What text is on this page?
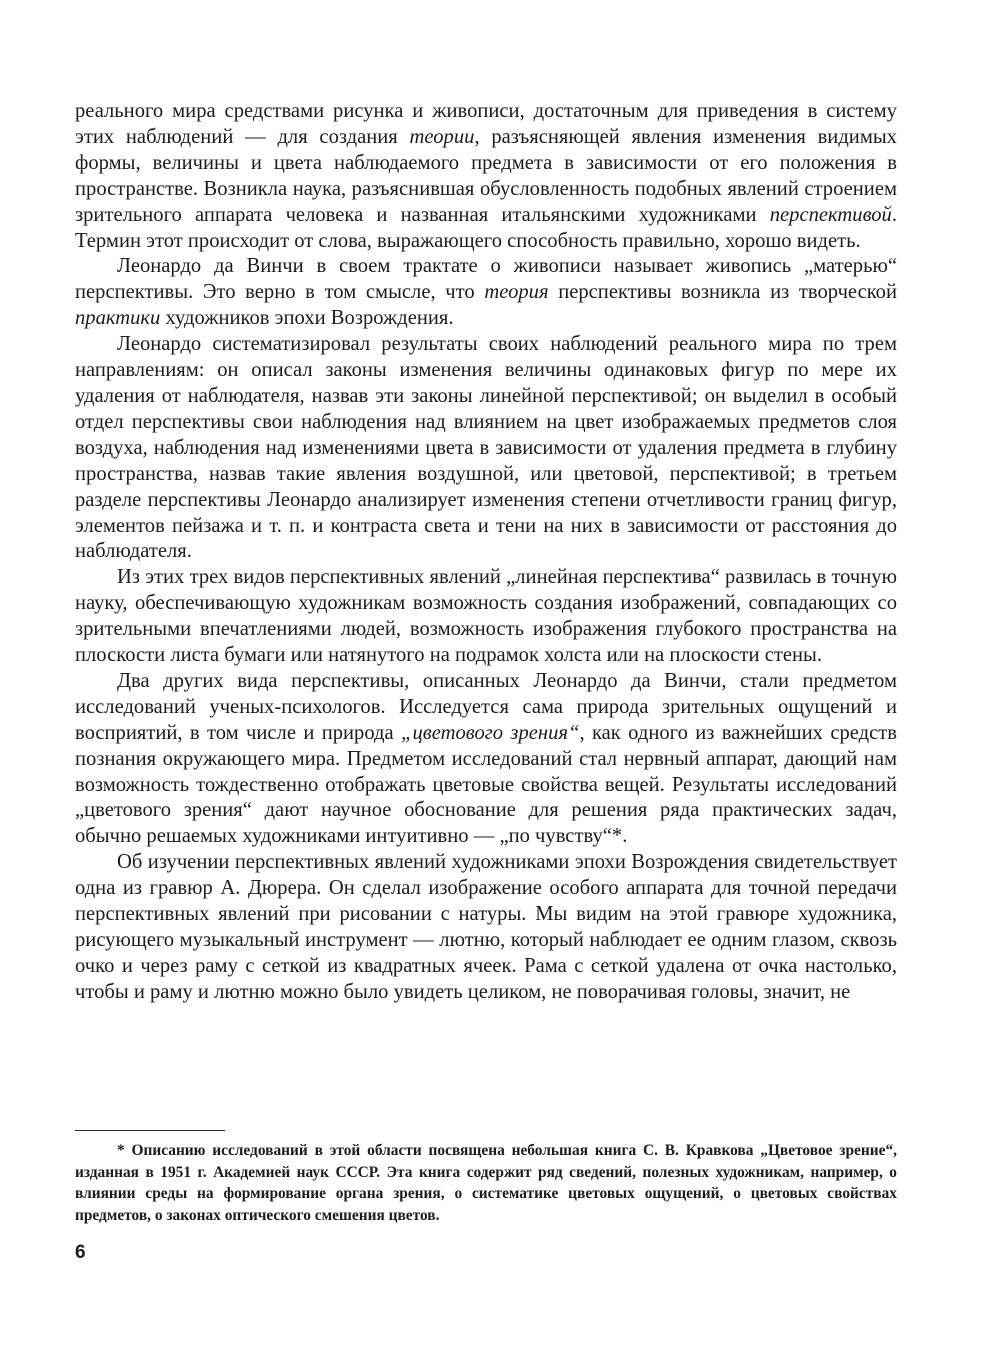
реального мира средствами рисунка и живописи, достаточным для приведения в систему этих наблюдений — для создания теории, разъясняющей явления изменения видимых формы, величины и цвета наблюдаемого предмета в зависимости от его положения в пространстве. Возникла наука, разъяснившая обусловленность подобных явлений строением зрительного аппарата человека и названная итальянскими художниками перспективой. Термин этот происходит от слова, выражающего способность правильно, хорошо видеть.

Леонардо да Винчи в своем трактате о живописи называет живопись „матерью“ перспективы. Это верно в том смысле, что теория перспективы возникла из творческой практики художников эпохи Возрождения.

Леонардо систематизировал результаты своих наблюдений реального мира по трем направлениям: он описал законы изменения величины одинаковых фигур по мере их удаления от наблюдателя, назвав эти законы линейной перспективой; он выделил в особый отдел перспективы свои наблюдения над влиянием на цвет изображаемых предметов слоя воздуха, наблюдения над изменениями цвета в зависимости от удаления предмета в глубину пространства, назвав такие явления воздушной, или цветовой, перспективой; в третьем разделе перспективы Леонардо анализирует изменения степени отчетливости границ фигур, элементов пейзажа и т. п. и контраста света и тени на них в зависимости от расстояния до наблюдателя.

Из этих трех видов перспективных явлений „линейная перспектива“ развилась в точную науку, обеспечивающую художникам возможность создания изображений, совпадающих со зрительными впечатлениями людей, возможность изображения глубокого пространства на плоскости листа бумаги или натянутого на подрамок холста или на плоскости стены.

Два других вида перспективы, описанных Леонардо да Винчи, стали предметом исследований ученых-психологов. Исследуется сама природа зрительных ощущений и восприятий, в том числе и природа „цветового зрения“, как одного из важнейших средств познания окружающего мира. Предметом исследований стал нервный аппарат, дающий нам возможность тождественно отображать цветовые свойства вещей. Результаты исследований „цветового зрения“ дают научное обоснование для решения ряда практических задач, обычно решаемых художниками интуитивно — „по чувству“*.

Об изучении перспективных явлений художниками эпохи Возрождения свидетельствует одна из гравюр А. Дюрера. Он сделал изображение особого аппарата для точной передачи перспективных явлений при рисовании с натуры. Мы видим на этой гравюре художника, рисующего музыкальный инструмент — лютню, который наблюдает ее одним глазом, сквозь очко и через раму с сеткой из квадратных ячеек. Рама с сеткой удалена от очка настолько, чтобы и раму и лютню можно было увидеть целиком, не поворачивая головы, значит, не

* Описанию исследований в этой области посвящена небольшая книга С. В. Кравкова „Цветовое зрение“, изданная в 1951 г. Академией наук СССР. Эта книга содержит ряд сведений, полезных художникам, например, о влиянии среды на формирование органа зрения, о систематике цветовых ощущений, о цветовых свойствах предметов, о законах оптического смешения цветов.

6
